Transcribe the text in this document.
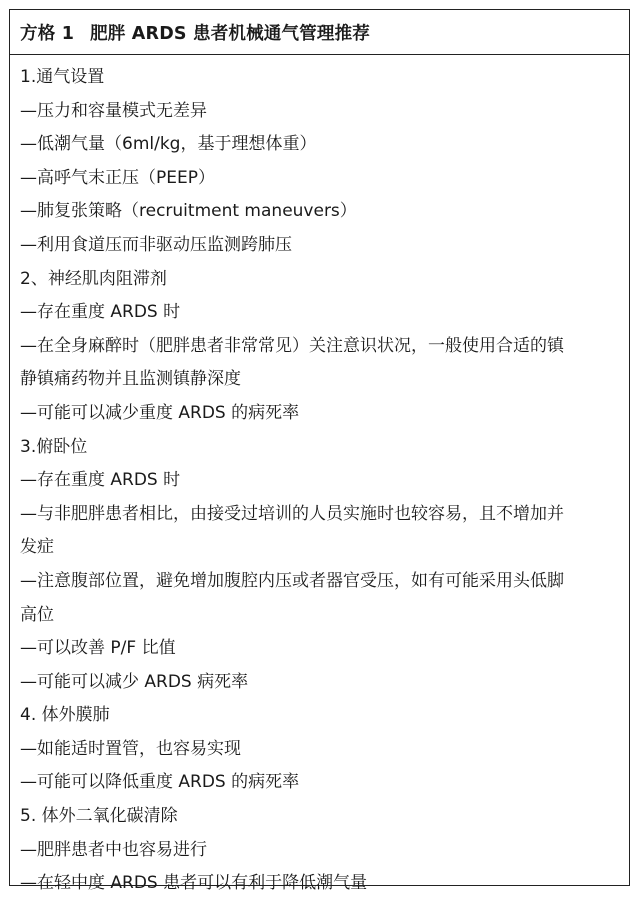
方格 1 肥胖 ARDS 患者机械通气管理推荐
1.通气设置
—压力和容量模式无差异
—低潮气量（6ml/kg，基于理想体重）
—高呼气末正压（PEEP）
—肺复张策略（recruitment maneuvers）
—利用食道压而非驱动压监测跨肺压
2、神经肌肉阻滞剂
—存在重度 ARDS 时
—在全身麻醉时（肥胖患者非常常见）关注意识状况，一般使用合适的镇
静镇痛药物并且监测镇静深度
—可能可以减少重度 ARDS 的病死率
3.俯卧位
—存在重度 ARDS 时
—与非肥胖患者相比，由接受过培训的人员实施时也较容易，且不增加并
发症
—注意腹部位置，避免增加腹腔内压或者器官受压，如有可能采用头低脚
高位
—可以改善 P/F 比值
—可能可以减少 ARDS 病死率
4. 体外膜肺
—如能适时置管，也容易实现
—可能可以降低重度 ARDS 的病死率
5. 体外二氧化碳清除
—肥胖患者中也容易进行
—在轻中度 ARDS 患者可以有利于降低潮气量
